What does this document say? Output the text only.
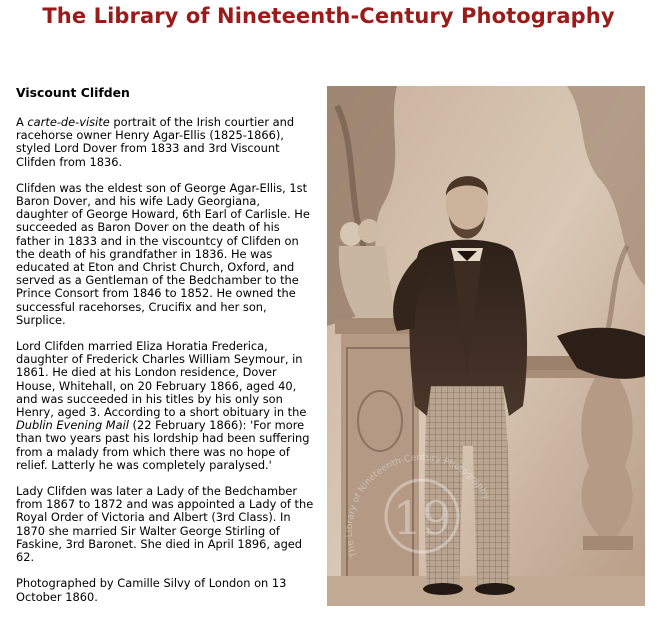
The Library of Nineteenth-Century Photography
Viscount Clifden

A carte-de-visite portrait of the Irish courtier and racehorse owner Henry Agar-Ellis (1825-1866), styled Lord Dover from 1833 and 3rd Viscount Clifden from 1836.

Clifden was the eldest son of George Agar-Ellis, 1st Baron Dover, and his wife Lady Georgiana, daughter of George Howard, 6th Earl of Carlisle. He succeeded as Baron Dover on the death of his father in 1833 and in the viscountcy of Clifden on the death of his grandfather in 1836. He was educated at Eton and Christ Church, Oxford, and served as a Gentleman of the Bedchamber to the Prince Consort from 1846 to 1852. He owned the successful racehorses, Crucifix and her son, Surplice.

Lord Clifden married Eliza Horatia Frederica, daughter of Frederick Charles William Seymour, in 1861. He died at his London residence, Dover House, Whitehall, on 20 February 1866, aged 40, and was succeeded in his titles by his only son Henry, aged 3. According to a short obituary in the Dublin Evening Mail (22 February 1866): 'For more than two years past his lordship had been suffering from a malady from which there was no hope of relief. Latterly he was completely paralysed.'

Lady Clifden was later a Lady of the Bedchamber from 1867 to 1872 and was appointed a Lady of the Royal Order of Victoria and Albert (3rd Class). In 1870 she married Sir Walter George Stirling of Faskine, 3rd Baronet. She died in April 1896, aged 62.

Photographed by Camille Silvy of London on 13 October 1860.

19
The Library of Nineteenth-Century Photography
